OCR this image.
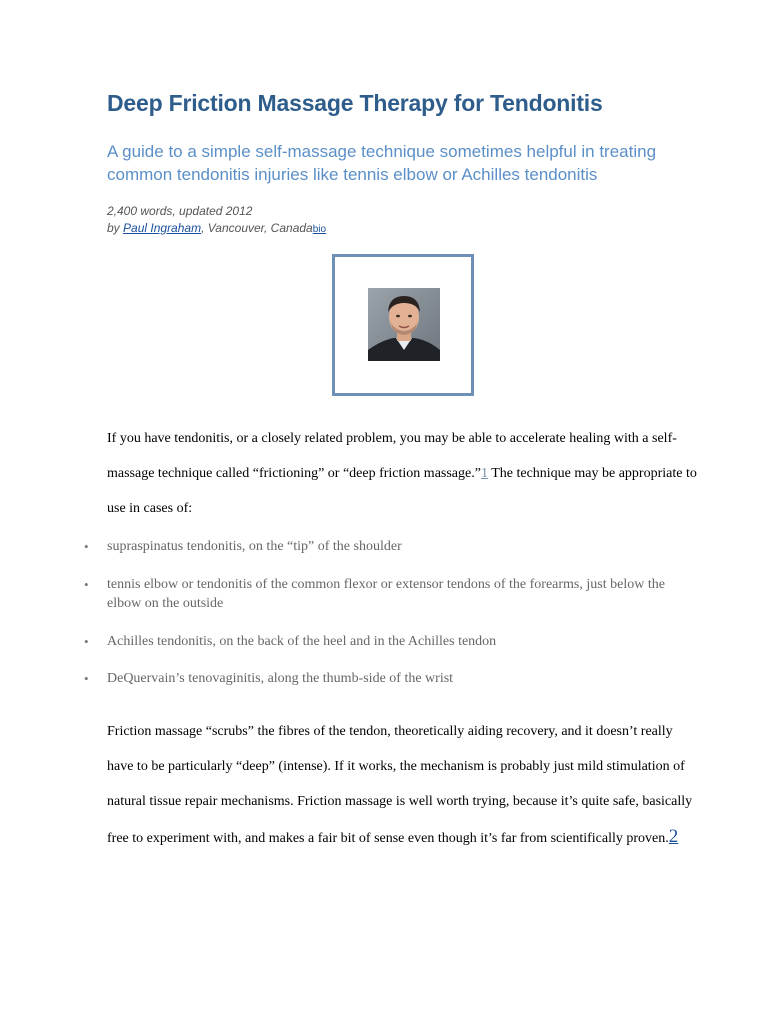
Deep Friction Massage Therapy for Tendonitis

A guide to a simple self-massage technique sometimes helpful in treating common tendonitis injuries like tennis elbow or Achilles tendonitis

2,400 words, updated 2012
by Paul Ingraham, Vancouver, Canadabio

If you have tendonitis, or a closely related problem, you may be able to accelerate healing with a self-massage technique called “frictioning” or “deep friction massage.”1 The technique may be appropriate to use in cases of:

• supraspinatus tendonitis, on the “tip” of the shoulder
• tennis elbow or tendonitis of the common flexor or extensor tendons of the forearms, just below the elbow on the outside
• Achilles tendonitis, on the back of the heel and in the Achilles tendon
• DeQuervain’s tenovaginitis, along the thumb-side of the wrist

Friction massage “scrubs” the fibres of the tendon, theoretically aiding recovery, and it doesn’t really have to be particularly “deep” (intense). If it works, the mechanism is probably just mild stimulation of natural tissue repair mechanisms. Friction massage is well worth trying, because it’s quite safe, basically free to experiment with, and makes a fair bit of sense even though it’s far from scientifically proven.2
